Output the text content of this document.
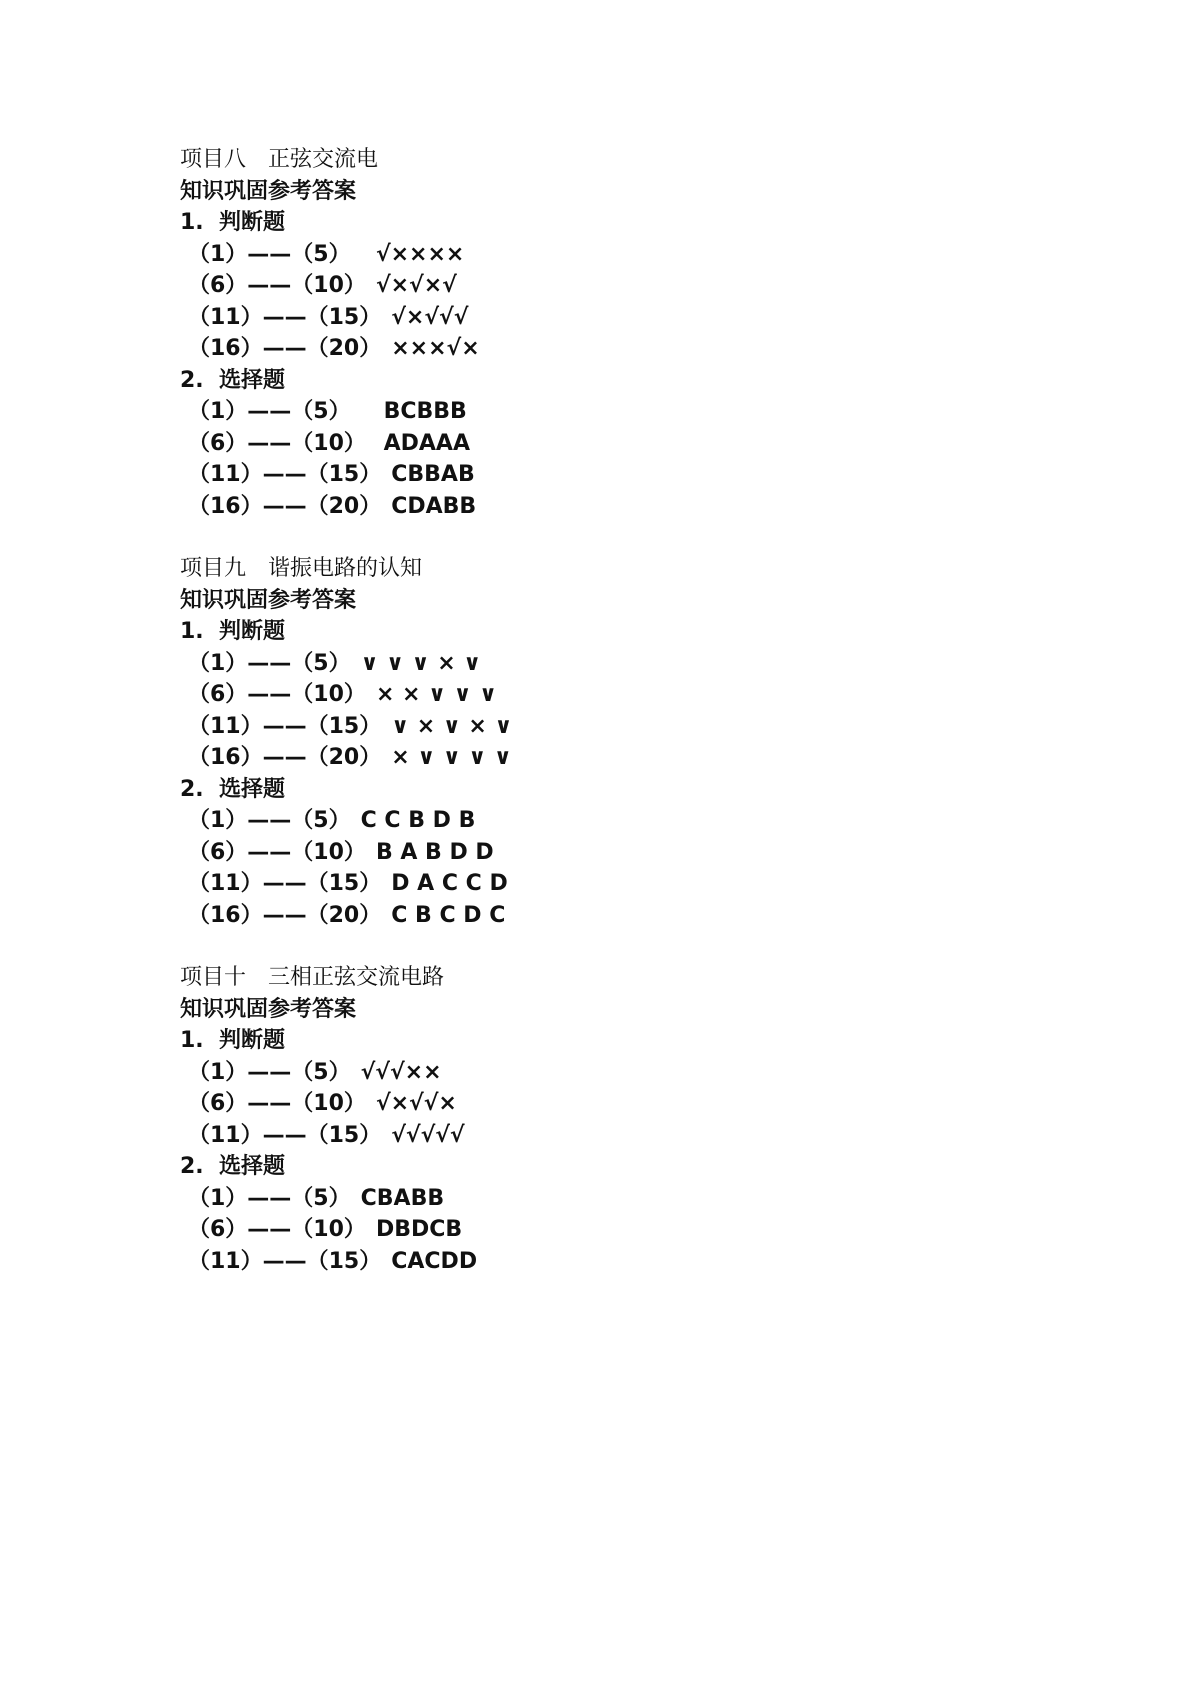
项目八　正弦交流电
知识巩固参考答案
1.  判断题
（1）——（5）  √××××
（6）——（10） √×√×√
（11）——（15） √×√√√
（16）——（20） ×××√×
2.  选择题
（1）——（5）   BCBBB
（6）——（10） ADAAA
（11）——（15） CBBAB
（16）——（20） CDABB
项目九　谐振电路的认知
知识巩固参考答案
1.  判断题
（1）——（5） ∨ ∨ ∨ × ∨
（6）——（10） × × ∨ ∨ ∨
（11）——（15） ∨ × ∨ × ∨
（16）——（20） × ∨ ∨ ∨ ∨
2.  选择题
（1）——（5） C C B D B
（6）——（10） B A B D D
（11）——（15） D A C C D
（16）——（20） C B C D C
项目十　三相正弦交流电路
知识巩固参考答案
1.  判断题
（1）——（5） √√√××
（6）——（10） √×√√×
（11）——（15） √√√√√
2.  选择题
（1）——（5） CBABB
（6）——（10） DBDCB
（11）——（15） CACDD
